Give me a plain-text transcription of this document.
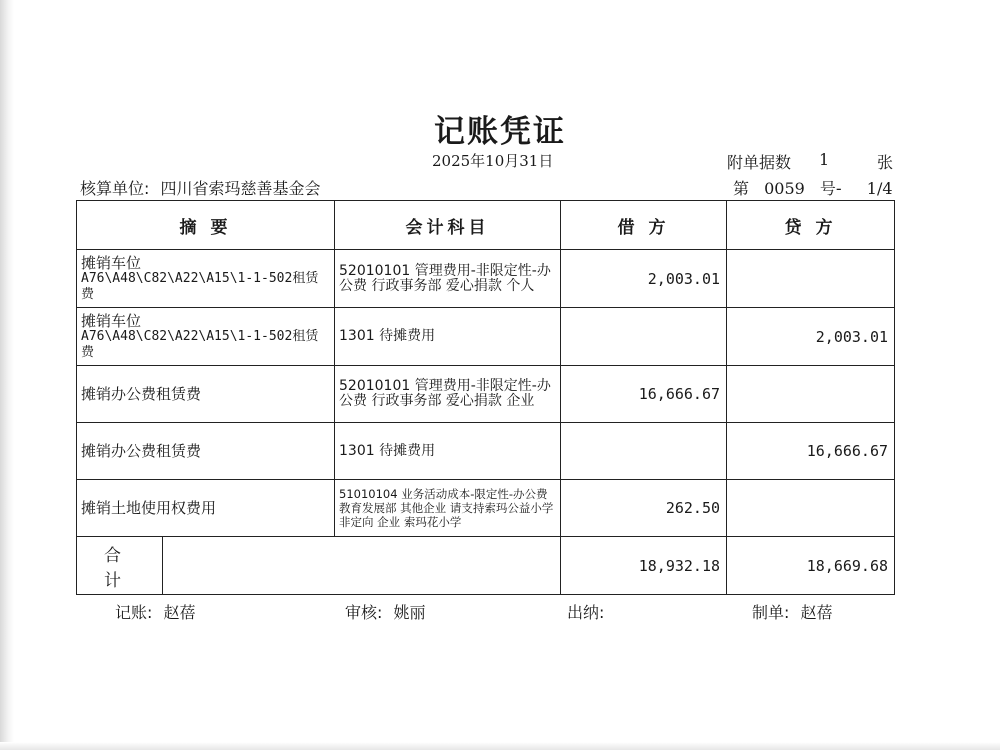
记账凭证
2025年10月31日	附单据数 1	张
核算单位: 四川省索玛慈善基金会	第 0059 号- 1/4
摘 要		会计科目	借 方	贷 方

摊销车位
A76\A48\C82\A22\A15\1-1-502租赁费		52010101 管理费用-非限定性-办公费 行政事务部 爱心捐款 个人	2,003.01	

摊销车位
A76\A48\C82\A22\A15\1-1-502租赁费		1301 待摊费用		2,003.01
摊销办公费租赁费		52010101 管理费用-非限定性-办公费 行政事务部 爱心捐款 企业	16,666.67	
摊销办公费租赁费		1301 待摊费用		16,666.67
摊销土地使用权费用		51010104 业务活动成本-限定性-办公费 教育发展部 其他企业 请支持索玛公益小学 非定向 企业 索玛花小学	262.50	
合 计			18,932.18	18,669.68
记账: 赵蓓	审核: 姚丽	出纳:	制单: 赵蓓
